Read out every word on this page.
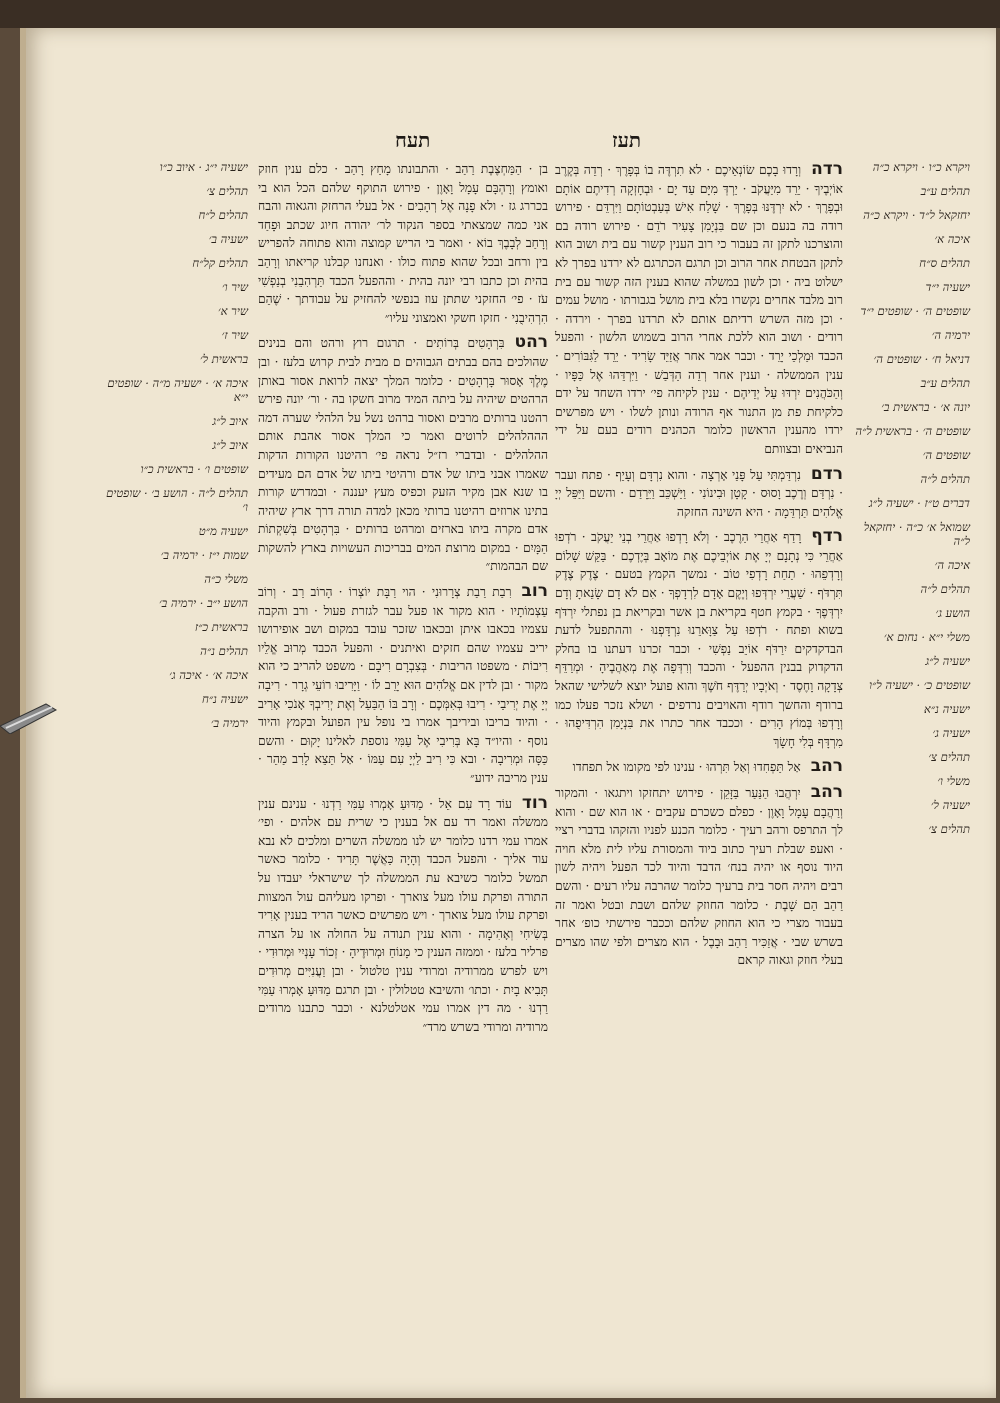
תעז
תעח
ויקרא כ״ו · ויקרא כ״ה
תהלים ע״ב
יחזקאל ל״ד · ויקרא כ״ה
איכה א׳
תהלים ס״ח
ישעיה י״ד
שופטים ה׳ · שופטים י״ד
ירמיה ה׳
דניאל ח׳ · שופטים ה׳
תהלים ע״ב
יונה א׳ · בראשית ב׳
שופטים ה׳ · בראשית ל״ה
שופטים ה׳
תהלים ל״ה
דברים ט״ז · ישעיה ל״ג
שמואל א׳ כ״ה · יחזקאל ל״ה
איכה ה׳
תהלים ל״ה
הושע ג׳
משלי י״א · נחום א׳
ישעיה ל״ג
שופטים כ׳ · ישעיה ל״ו
ישעיה נ״א
ישעיה ג׳
תהלים צ׳
משלי ו׳
ישעיה ל׳
תהלים צ׳

רדהוְרָדוּ בָכֶם שׂוֹנְאֵיכֶם · לא תִרְדֶּה בוֹ בְּפָרֶךְ · רְדֵה בְּקֶרֶב אוֹיְבֶיךָ · יֵרֵד מִיַּעֲקֹב · יֵרְדְּ מִיָּם עַד יָם · וּבְחָזְקָה רְדִיתֶם אוֹתָם וּבְפָרֶךְ · לא יִרְדֶּנּוּ בְּפָרֶךְ · שָׁלַח אִישׁ בְּעַבְטוֹתָם וַיִּרְדֵּם · פירוש רודה בה בנעם וכן שם בִּנְיָמִן צָעִיר רֹדֵם · פירוש רודה בם והוצרכנו לתקן זה בעבור כי רוב הענין קשור עם בית ושוב הוא לתקן הבטחת אחר הרוב וכן תרגם הכתרגם לא ירדנו בפרך לא ישלוט ביה · וכן לשון במשלה שהוא בענין הזה קשור עם בית רוב מלבד אחרים נקשרו בלא בית מושל בגבורתו · מושל עמים · וכן מזה השרש רדיתם אותם לא תרדנו בפרך · וירדה · רודים · ושוב הוא ללכת אחרי הרוב בשמוש הלשון · והפעל הכבד וּמַלְכֵי יָרֵד · וכבר אמר אחר אֲזַיֵּד שָׂרִיד · יֵרֵד לַגִּבּוֹרִים · ענין הממשלה · וענין אחר רְדֵה הַדְּבַשׁ · וַיִּרְדֵּהוּ אֶל כַּפָּיו · וְהַכֹּהֲנִים יִרְדּוּ עַל יְדֵיהֶם · ענין לקיחה פי׳ ירדו השחד על ידם כלקיחת פת מן התנור אף הרודה ונותן לשלו · ויש מפרשים ירדו מהענין הראשון כלומר הכהנים רודים בעם על ידי הנביאים ובצוותם

רדםנִרְדַּמְתִּי עַל פָּנַי אָרְצָה · והוא נִרְדָּם וְעָיֵף · פתח ועבר · נִרְדַּם וְרֶכֶב וָסוּס · קָטָן וּבִינוֹנִי · וַיַּשְׁכֵּב וַיֵּרָדַם · והשם וַיַּפֵּל יְיָ אֱלֹהִים תַּרְדֵּמָה · היא השינה החזקה

רדףרָדַף אַחֲרֵי הַרֶכֶב · וְלֹא רָדְפוּ אַחֲרֵי בְנֵי יַעֲקֹב · רֹדְפוּ אַחֲרֵי כִּי נְתָנָם יְיָ אֶת אוֹיְבֵיכֶם אֶת מוֹאָב בְּיֶדְכֶם · בַּקֵּשׁ שָׁלוֹם וְרָדְפֵהוּ · תַחַת רָדְפִי טוֹב · נמשך הקמץ בטעם · צֶדֶק צֶדֶק תִּרְדֹּף · שַׁעֲרֵי יִרְדְּפוּ וְיֶקֶם אָדָם לִרְדָפְךָ · אִם לֹא דָם שָׂנֵאתָ וְדָם יִרְדְּפֶךָ · בקמץ חטף בקריאת בן אשר ובקריאת בן נפתלי יִרְדֹּף בשוא ופתח · רֹדְפוּ עַל צַוָּארֵנוּ נִרְדָּפְנוּ · וההתפעל לדעת הבדקדקים יִרַדֹּף אוֹיֵב נַפְשִׁי · וכבר זכרנו דעתנו בו בחלק הדקדוק בבנין ההפעל · והכבד וְרִדְּפָה אֶת מְאַהֲבֶיהָ · וּמְרַדֵּף צְדָקָה וָחֶסֶד · וְאֹיְבָיו יְרַדֶּף חֹשֶׁךְ והוא פועל יוצא לשלישי שהאל ברודף והחשך רודף והאויבים נרדפים · ושלא נזכר פעלו כמו וְרָדְפוּ בְּמוֹץ הָרִים · וככבד אחר כתרו את בִּנְיָמִן הִרְדִּיפֻהוּ · מִרְדָּף בְּלִי חָשָׂךְ

רהבאַל תַּפְחִדוּ וְאַל תִּרְהוּ · ענינו לפי מקומו אל תפחדו

רהביִרְהֲבוּ הַנַּעַר בַּזָּקֵן · פירוש יתחזקו ויתגאו · והמקור וְרַהֲבָם עָמָל וָאָוֶן · כפלם כשכרם עקבים · או הוא שם · והוא לך התרפס ורהב רעיך · כלומר הכנע לפניו והזקהו בדברי רציי · ואעפ שבלת רעיך כתוב ביוד והמסורת עליו לית מלא חויה היוד נוסף או יהיה בנח׳ הדבד והיוד לכד הפעל ויהיה לשון רבים ויהיה חסר בית ברעיך כלומר שהרבה עליו רעים · והשם רַהַב הֵם שָׁבֶת · כלומר החוזק שלהם ושבת ובטל ואמר זה בעבור מצרי כי הוא החוזק שלהם וככבר פירשתי כופ׳ אחר בשרש שבי · אֲזַכִּיר רַהַב וּבָבֶל · הוא מצרים ולפי שהו מצרים בעלי חוזק וגאוה קראם

בן · הַמַּחְצֶבֶת רַהַב · והתבונתו מָחַץ רָהַב · כלם ענין חוזק ואומץ וְרָהְבָּם עָמָל וָאָוֶן · פירוש התוקף שלהם הכל הוא בי בכררג גז · ולא פָנָה אֶל רְהָבִים · אל בעלי הרחזק והגאוה והבח אני כמה שמצאתי בספר הנקוד לר׳ יהודה חיוג שכתב וּפָחַד וְרָחַב לְבָבֶךְ בוֹא · ואמר בי הריש קמוצה והוא פתוחה להפריש בין ורחב ובכל שהוא פתוח כולו · ואנחנו קבלנו קריאתו וְרָהַב בהית וכן כתבו רבי יונה בהית · וההפעל הכבד תַּרְהִבֵנִי בְנַפְשִׁי עֹז · פי׳ החזקני שתתן עוז בנפשי להחזיק על עבודתך · שֶׁהֵם הִרְהִיבֻנִי · חזקו חשקי ואמצוני עליו״

רהטבִּרְהָטִים בְּרוֹתִים · תרגום רוץ ורהט והם בנינים שהולכים בהם בבתים הגבוהים ם מבית לבית קרוש בלעז · ובן מֶלֶךְ אָסוּר בָּרְהָטִים · כלומר המלך יצאה לרואת אסור באותן הרהטים שיהיה על ביתה המיד מרוב חשקו בה · ור׳ יונה פירש רהטנו ברותים מרבים ואסור ברהט נשל על הלהלי שערה דמה הההלהלים לרוטים ואמר כי המלך אסור אהבת אותם ההלהלים · ובדברי רז״ל נראה פי׳ רהיטנו הקורות הדקות שאמרו אבני ביתו של אדם ורהיטי ביתו של אדם הם מעידים בו שנא אבן מקיר הזעק וכפיס מעץ יעננה · ובמדרש קורות בתינו ארוזים רהיטנו ברותי מכאן למדה תורה דרך ארץ שיהיה אדם מקרה ביתו בארזים ומרהט ברותים · בִּרְהָטִים בְּשִׁקְתוֹת הַמָּיִם · במקום מרוצת המים בבריכות העשויות בארץ להשקות שם הבהמות״

רוברִבַת רַבַת צְרָרוּנִי · הוי רַבָּת יוֹצְרוֹ · הָרוֹב רַב · וְרוֹב עַצְמוֹתָיו · הוא מקור או פעל עבר לגזרת פעול · ורב והקבה עצמיו בכאבו איתן ובכאבו שזכר עובד במקום ושב אופירושו יריב עצמיו שהם חזקים ואיתנים · והפעל הכבד מְרוּב אֱלֵיו רִיבוֹת · משפטו הריבות · בְּצִבְרָם רִיבָם · משפט להריב כי הוא מקור · ובן לדין אם אֱלֹהִים הוּא יָרֵב לוֹ · וַיָּרִיבוּ רוֹעֵי גְרָר · רִיבָה יְיָ אֶת יְרִיבַי · רִיבוּ בְּאִמְּכֶם · וְרָב בּוֹ הַבַּעַל וְאֶת יְרִיבְךָ אָנֹכִי אָרִיב · והיוד בריבו וביריבך אמרו בי נופל עין הפועל ובקמץ והיוד נוסף · והיו״ד בָּא בְּרִיבִי אֶל עַמִּי נוספת לאלינו יָקוּם · והשם כַּסָּה וּמְרִיבָה · ובא כִּי רִיב לַיְיָ עִם עַמּוֹ · אַל תֵּצֵא לָרִב מַהֵר · ענין מריבה ידוע״

רודעוֹד רָד עִם אֵל · מַדּוּעַ אָמְרוּ עַמִּי רַדְנוּ · ענינם ענין ממשלה ואמר רד עם אל בענין כי שרית עם אלהים · ופי׳ אמרו עמי רדנו כלומר יש לנו ממשלה השרים ומלכים לא נבא עוד אליך · והפעל הכבד וְהָיָה כַּאֲשֶׁר תָּרִיד · כלומר כאשר תמשל כלומר כשיבא עת הממשלה לך שישראלי יעבדו על התורה ופרקת עולו מעל צוארך · ופרקו מעליהם עול המצוות ופרקת עולו מעל צוארך · ויש מפרשים כאשר הריד בענין אָרִיד בְּשִׂיחִי וְאָהִימָה · והוא ענין תנודה על החולה או על הצרה פרליר בלעז · וממזה הענין כי מָנוֹחַ וּמְרוּדֶיהָ · זְכוֹר עָנְיִי וּמְרוּדִי · ויש לפרש ממרודיה ומרודי ענין טלטול · ובן וַעֲנִיִּים מְרוּדִים תָּבִיא בָיִת · וכתו׳ והשיבא טטלולין · ובן תרגם מַדּוּעַ אָמְרוּ עַמִּי רַדְנוּ · מה דין אמרו עמי אטלטלנא · וכבר כתבנו מרודים מרודיה ומרודי בשרש מרד״

ישעיה י״ג · איוב כ״ו
תהלים צ׳
תהלים ל״ח
ישעיה ב׳
תהלים קל״ח
שיר ו׳
שיר א׳
שיר ז׳
בראשית ל׳
איכה א׳ · ישעיה מ״ה · שופטים י״א
איוב ל״ג
איוב ל״ג
שופטים ו׳ · בראשית כ״ו
תהלים ל״ה · הושע ב׳ · שופטים ו׳
ישעיה מ״ט
שמות י״ז · ירמיה ב׳
משלי כ״ה
הושע י״ב · ירמיה ב׳
בראשית כ״ז
תהלים נ״ה
איכה א׳ · איכה ג׳
ישעיה נ״ח
ירמיה ב׳
